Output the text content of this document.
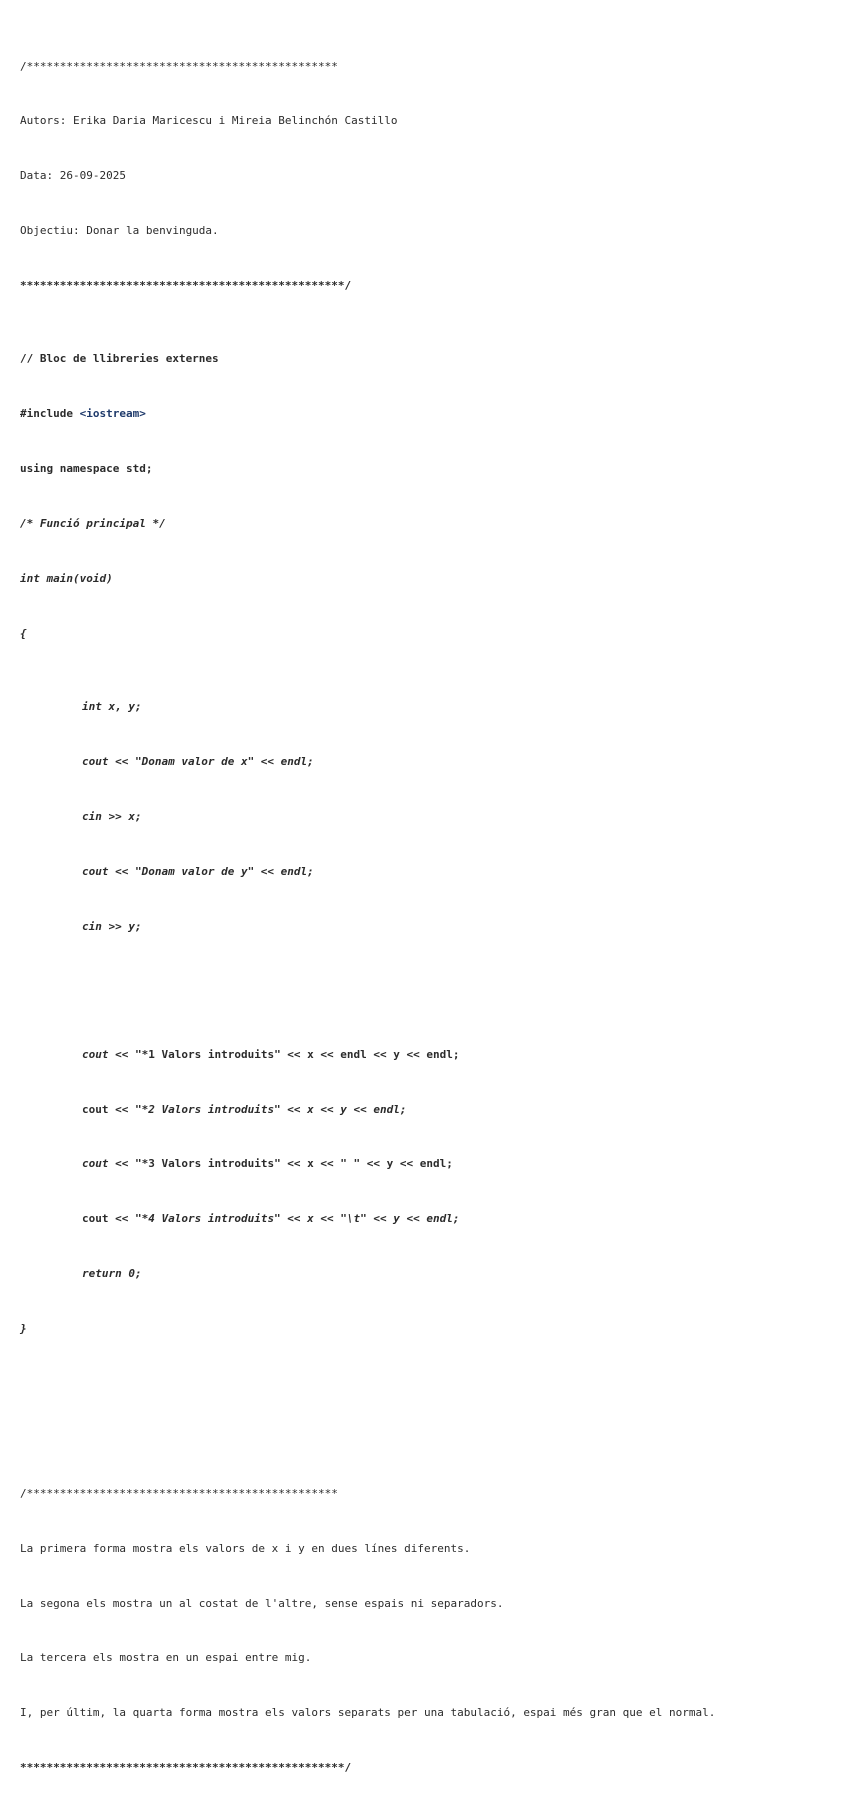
/***********************************************

Autors: Erika Daria Maricescu i Mireia Belinchón Castillo

Data: 26-09-2025

Objectiu: Donar la benvinguda.

*************************************************/

// Bloc de llibreries externes

#include <iostream>

using namespace std;

/* Funció principal */

int main(void)

{

int x, y;

cout << "Donam valor de x" << endl;

cin >> x;

cout << "Donam valor de y" << endl;

cin >> y;

cout << "*1 Valors introduits" << x << endl << y << endl;

cout << "*2 Valors introduits" << x << y << endl;

cout << "*3 Valors introduits" << x << " " << y << endl;

cout << "*4 Valors introduits" << x << "\t" << y << endl;

return 0;

}

/***********************************************

La primera forma mostra els valors de x i y en dues línes diferents.

La segona els mostra un al costat de l'altre, sense espais ni separadors.

La tercera els mostra en un espai entre mig.

I, per últim, la quarta forma mostra els valors separats per una tabulació, espai més gran que el normal.

*************************************************/
